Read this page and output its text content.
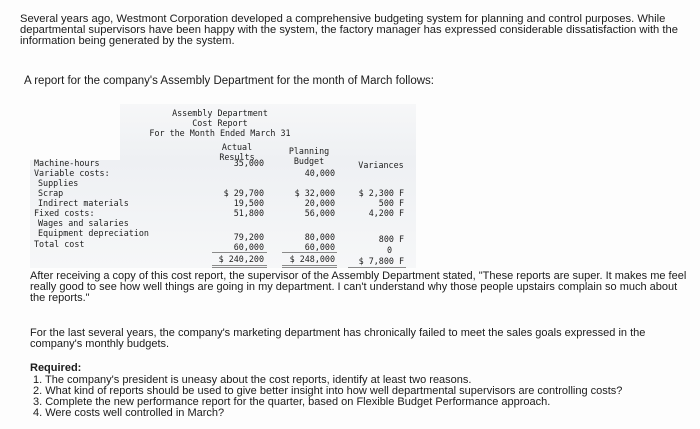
Several years ago, Westmont Corporation developed a comprehensive budgeting system for planning and control purposes. While departmental supervisors have been happy with the system, the factory manager has expressed considerable dissatisfaction with the information being generated by the system.

A report for the company's Assembly Department for the month of March follows:

Assembly Department
Cost Report
For the Month Ended March 31
Actual
Results
Planning
Budget	Variances
Machine-hours
Variable costs:
Supplies
Scrap
Indirect materials
Fixed costs:
Wages and salaries
Equipment depreciation
Total cost
35,000
$ 29,700
19,500
51,800
79,200
60,000
$ 240,200
40,000
$ 32,000
20,000
56,000
80,000
60,000
$ 248,000
$ 2,300 F
500 F
4,200 F
800 F
0
$ 7,800 F

After receiving a copy of this cost report, the supervisor of the Assembly Department stated, "These reports are super. It makes me feel really good to see how well things are going in my department. I can't understand why those people upstairs complain so much about the reports."

For the last several years, the company's marketing department has chronically failed to meet the sales goals expressed in the company's monthly budgets.

Required:

1. The company's president is uneasy about the cost reports, identify at least two reasons.

2. What kind of reports should be used to give better insight into how well departmental supervisors are controlling costs?

3. Complete the new performance report for the quarter, based on Flexible Budget Performance approach.

4. Were costs well controlled in March?
